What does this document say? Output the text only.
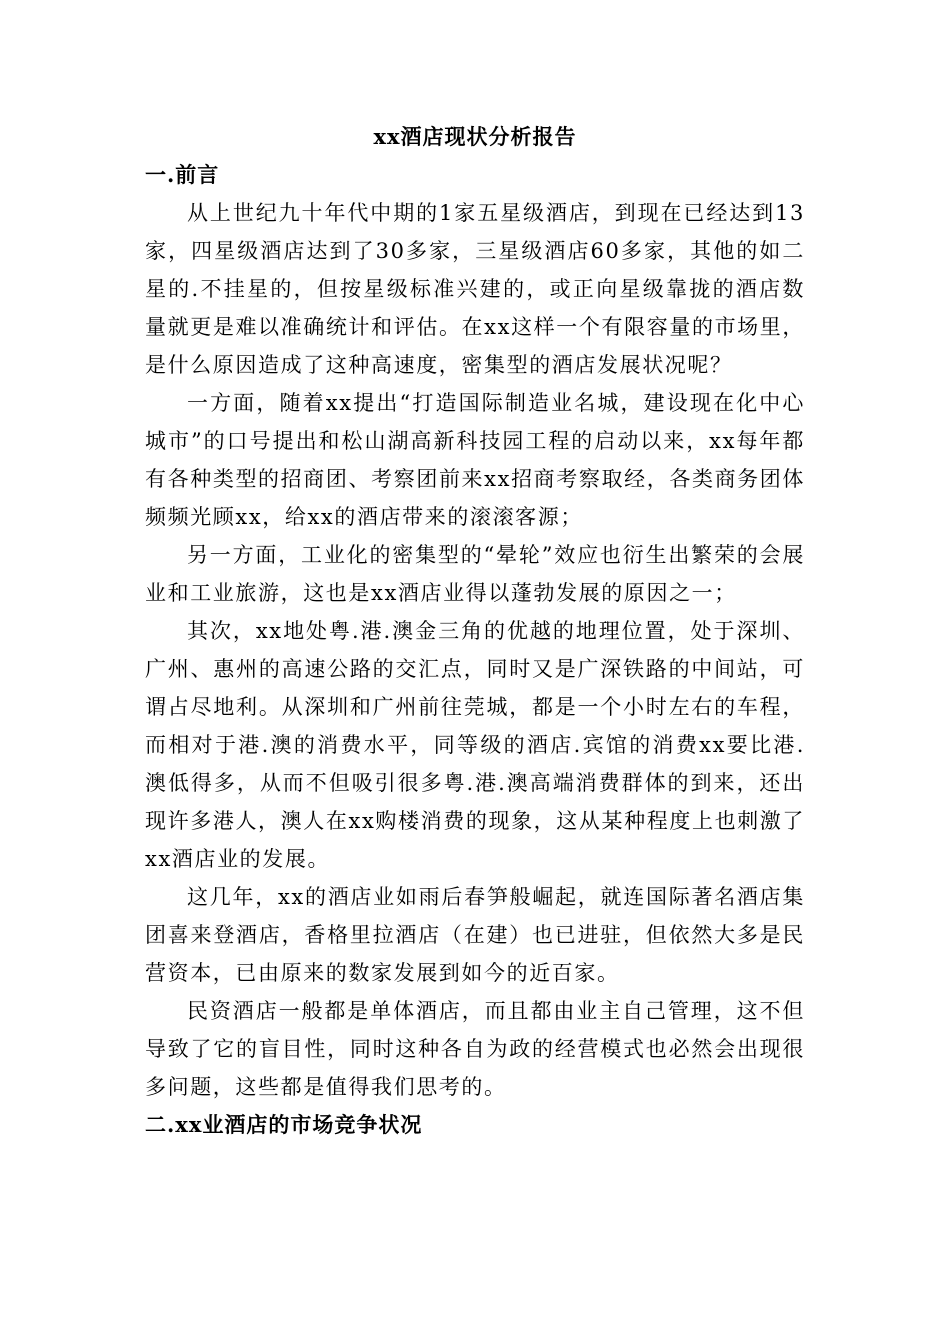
xx酒店现状分析报告
一.前言

从上世纪九十年代中期的1家五星级酒店，到现在已经达到13家，四星级酒店达到了30多家，三星级酒店60多家，其他的如二星的.不挂星的，但按星级标准兴建的，或正向星级靠拢的酒店数量就更是难以准确统计和评估。在xx这样一个有限容量的市场里，是什么原因造成了这种高速度，密集型的酒店发展状况呢？

一方面，随着xx提出“打造国际制造业名城，建设现在化中心城市”的口号提出和松山湖高新科技园工程的启动以来，xx每年都有各种类型的招商团、考察团前来xx招商考察取经，各类商务团体频频光顾xx，给xx的酒店带来的滚滚客源；

另一方面，工业化的密集型的“晕轮”效应也衍生出繁荣的会展业和工业旅游，这也是xx酒店业得以蓬勃发展的原因之一；

其次，xx地处粤.港.澳金三角的优越的地理位置，处于深圳、广州、惠州的高速公路的交汇点，同时又是广深铁路的中间站，可谓占尽地利。从深圳和广州前往莞城，都是一个小时左右的车程，而相对于港.澳的消费水平，同等级的酒店.宾馆的消费xx要比港.澳低得多，从而不但吸引很多粤.港.澳高端消费群体的到来，还出现许多港人，澳人在xx购楼消费的现象，这从某种程度上也刺激了xx酒店业的发展。

这几年，xx的酒店业如雨后春笋般崛起，就连国际著名酒店集团喜来登酒店，香格里拉酒店（在建）也已进驻，但依然大多是民营资本，已由原来的数家发展到如今的近百家。

民资酒店一般都是单体酒店，而且都由业主自己管理，这不但导致了它的盲目性，同时这种各自为政的经营模式也必然会出现很多问题，这些都是值得我们思考的。

二.xx业酒店的市场竞争状况
